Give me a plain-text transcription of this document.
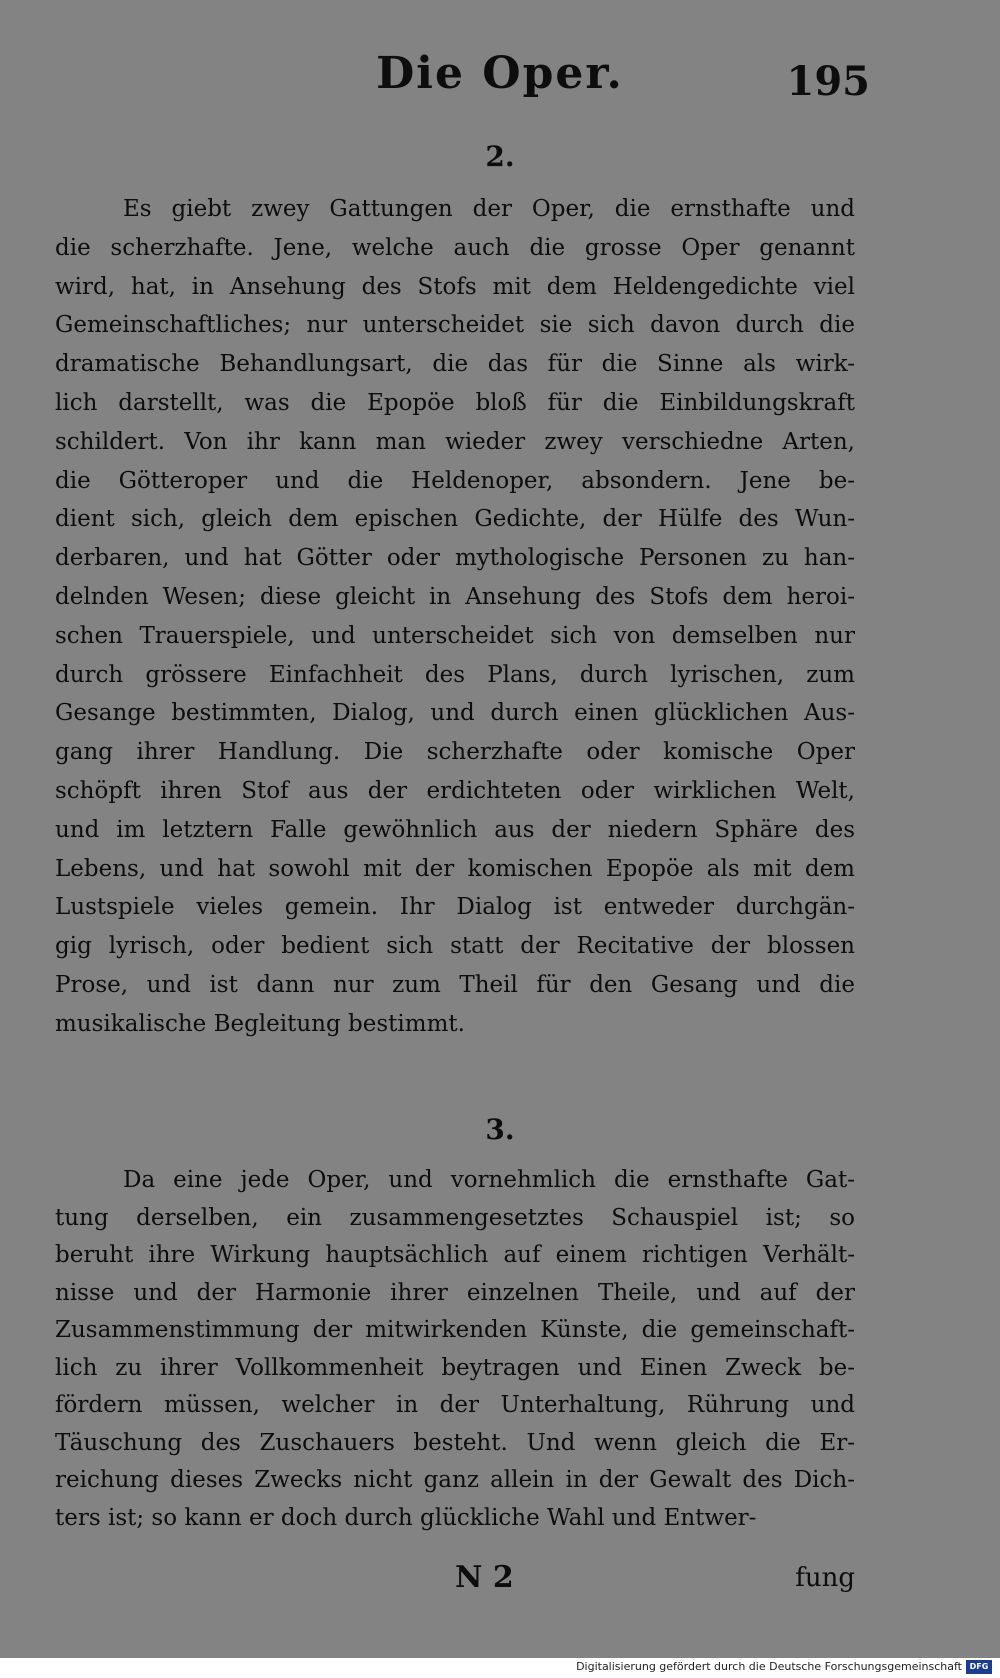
Die Oper.	195
2.
Es giebt zwey Gattungen der Oper, die ernsthafte und
die scherzhafte. Jene, welche auch die grosse Oper genannt
wird, hat, in Ansehung des Stofs mit dem Heldengedichte viel
Gemeinschaftliches; nur unterscheidet sie sich davon durch die
dramatische Behandlungsart, die das für die Sinne als wirk-
lich darstellt, was die Epopöe bloß für die Einbildungskraft
schildert. Von ihr kann man wieder zwey verschiedne Arten,
die Götteroper und die Heldenoper, absondern. Jene be-
dient sich, gleich dem epischen Gedichte, der Hülfe des Wun-
derbaren, und hat Götter oder mythologische Personen zu han-
delnden Wesen; diese gleicht in Ansehung des Stofs dem heroi-
schen Trauerspiele, und unterscheidet sich von demselben nur
durch grössere Einfachheit des Plans, durch lyrischen, zum
Gesange bestimmten, Dialog, und durch einen glücklichen Aus-
gang ihrer Handlung. Die scherzhafte oder komische Oper
schöpft ihren Stof aus der erdichteten oder wirklichen Welt,
und im letztern Falle gewöhnlich aus der niedern Sphäre des
Lebens, und hat sowohl mit der komischen Epopöe als mit dem
Lustspiele vieles gemein. Ihr Dialog ist entweder durchgän-
gig lyrisch, oder bedient sich statt der Recitative der blossen
Prose, und ist dann nur zum Theil für den Gesang und die
musikalische Begleitung bestimmt.
3.
Da eine jede Oper, und vornehmlich die ernsthafte Gat-
tung derselben, ein zusammengesetztes Schauspiel ist; so
beruht ihre Wirkung hauptsächlich auf einem richtigen Verhält-
nisse und der Harmonie ihrer einzelnen Theile, und auf der
Zusammenstimmung der mitwirkenden Künste, die gemeinschaft-
lich zu ihrer Vollkommenheit beytragen und Einen Zweck be-
fördern müssen, welcher in der Unterhaltung, Rührung und
Täuschung des Zuschauers besteht. Und wenn gleich die Er-
reichung dieses Zwecks nicht ganz allein in der Gewalt des Dich-
ters ist; so kann er doch durch glückliche Wahl und Entwer-
N 2	fung
Digitalisierung gefördert durch die Deutsche Forschungsgemeinschaft DFG
